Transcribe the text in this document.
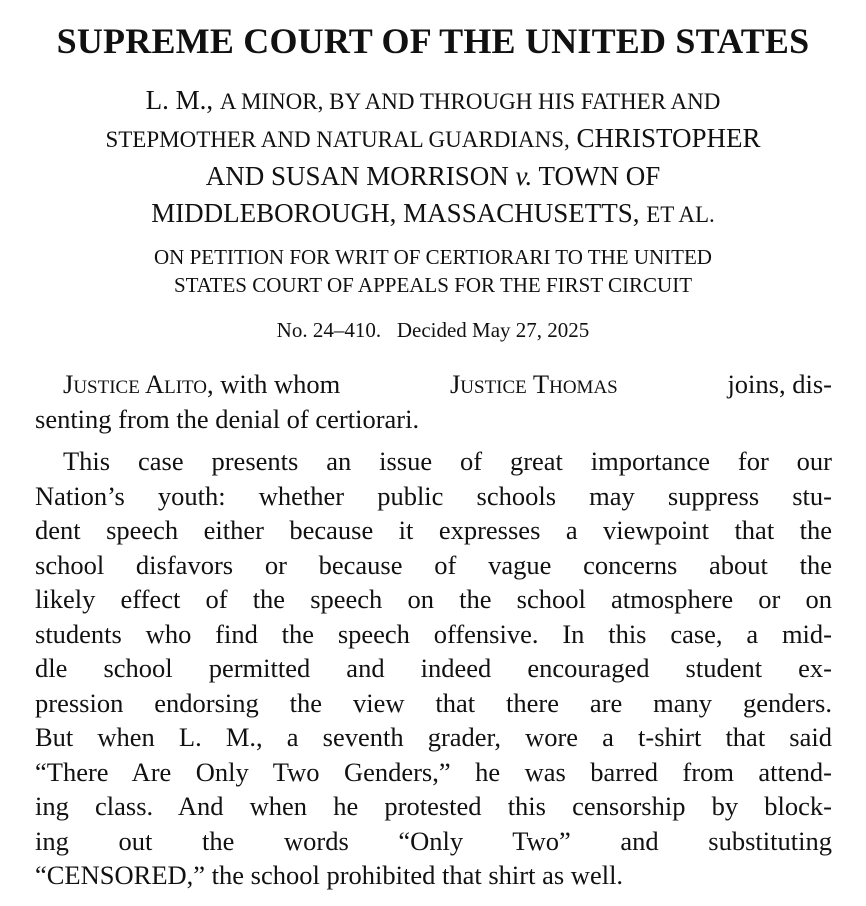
SUPREME COURT OF THE UNITED STATES
L. M., A MINOR, BY AND THROUGH HIS FATHER AND
STEPMOTHER AND NATURAL GUARDIANS, CHRISTOPHER
AND SUSAN MORRISON v. TOWN OF
MIDDLEBOROUGH, MASSACHUSETTS, ET AL.
ON PETITION FOR WRIT OF CERTIORARI TO THE UNITED
STATES COURT OF APPEALS FOR THE FIRST CIRCUIT
No. 24–410. Decided May 27, 2025
Justice Alito, with whom	Justice Thomas	joins, dis-
senting from the denial of certiorari.
This case presents an issue of great importance for our
Nation’s youth: whether public schools may suppress stu-
dent speech either because it expresses a viewpoint that the
school disfavors or because of vague concerns about the
likely effect of the speech on the school atmosphere or on
students who find the speech offensive. In this case, a mid-
dle school permitted and indeed encouraged student ex-
pression endorsing the view that there are many genders.
But when L. M., a seventh grader, wore a t-shirt that said
“There Are Only Two Genders,” he was barred from attend-
ing class. And when he protested this censorship by block-
ing out the words “Only Two” and substituting
“CENSORED,” the school prohibited that shirt as well.
